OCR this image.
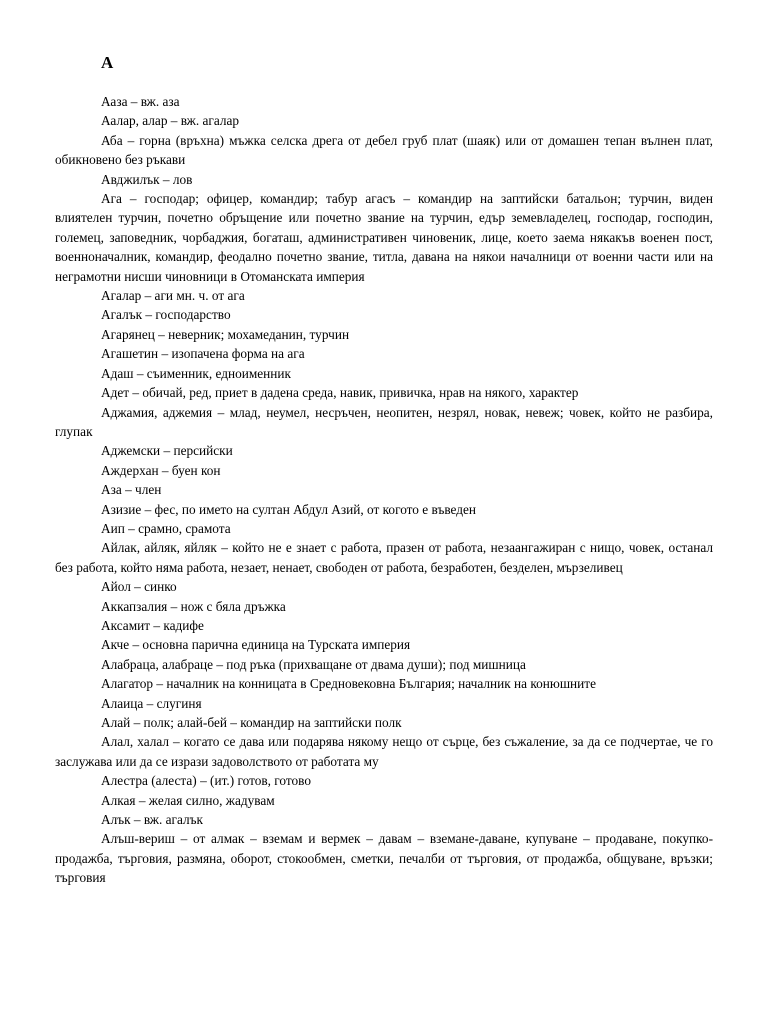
А

Ааза – вж. аза

Аалар, алар – вж. агалар

Аба – горна (връхна) мъжка селска дрега от дебел груб плат (шаяк) или от домашен тепан вълнен плат, обикновено без ръкави

Авджилък – лов

Ага – господар; офицер, командир; табур агасъ – командир на заптийски батальон; турчин, виден влиятелен турчин, почетно обръщение или почетно звание на турчин, едър земевладелец, господар, господин, големец, заповедник, чорбаджия, богаташ, административен чиновеник, лице, което заема някакъв военен пост, военноначалник, командир, феодално почетно звание, титла, давана на някои началници от военни части или на неграмотни нисши чиновници в Отоманската империя

Агалар – аги мн. ч. от ага

Агалък – господарство

Агарянец – неверник; мохамеданин, турчин

Агашетин – изопачена форма на ага

Адаш – съименник, едноименник

Адет – обичай, ред, приет в дадена среда, навик, привичка, нрав на някого, характер

Аджамия, аджемия – млад, неумел, несръчен, неопитен, незрял, новак, невеж; човек, който не разбира, глупак

Аджемски – персийски

Аждерхан – буен кон

Аза – член

Азизие – фес, по името на султан Абдул Азий, от когото е въведен

Аип – срамно, срамота

Айлак, айляк, яйляк – който не е знает с работа, празен от работа, незаангажиран с нищо, човек, останал без работа, който няма работа, незает, ненает, свободен от работа, безработен, безделен, мързеливец

Айол – синко

Аккапзалия – нож с бяла дръжка

Аксамит – кадифе

Акче – основна парична единица на Турската империя

Алабраца, алабраце – под ръка (прихващане от двама души); под мишница

Алагатор – началник на конницата в Средновековна България; началник на конюшните

Алаица – слугиня

Алай – полк; алай-бей – командир на заптийски полк

Алал, халал – когато се дава или подарява някому нещо от сърце, без съжаление, за да се подчертае, че го заслужава или да се изрази задоволството от работата му

Алестра (алеста) – (ит.) готов, готово

Алкая – желая силно, жадувам

Алък – вж. агалък

Алъш-вериш – от алмак – вземам и вермек – давам – вземане-даване, купуване – продаване, покупко-продажба, търговия, размяна, оборот, стокообмен, сметки, печалби от търговия, от продажба, общуване, връзки; търговия
